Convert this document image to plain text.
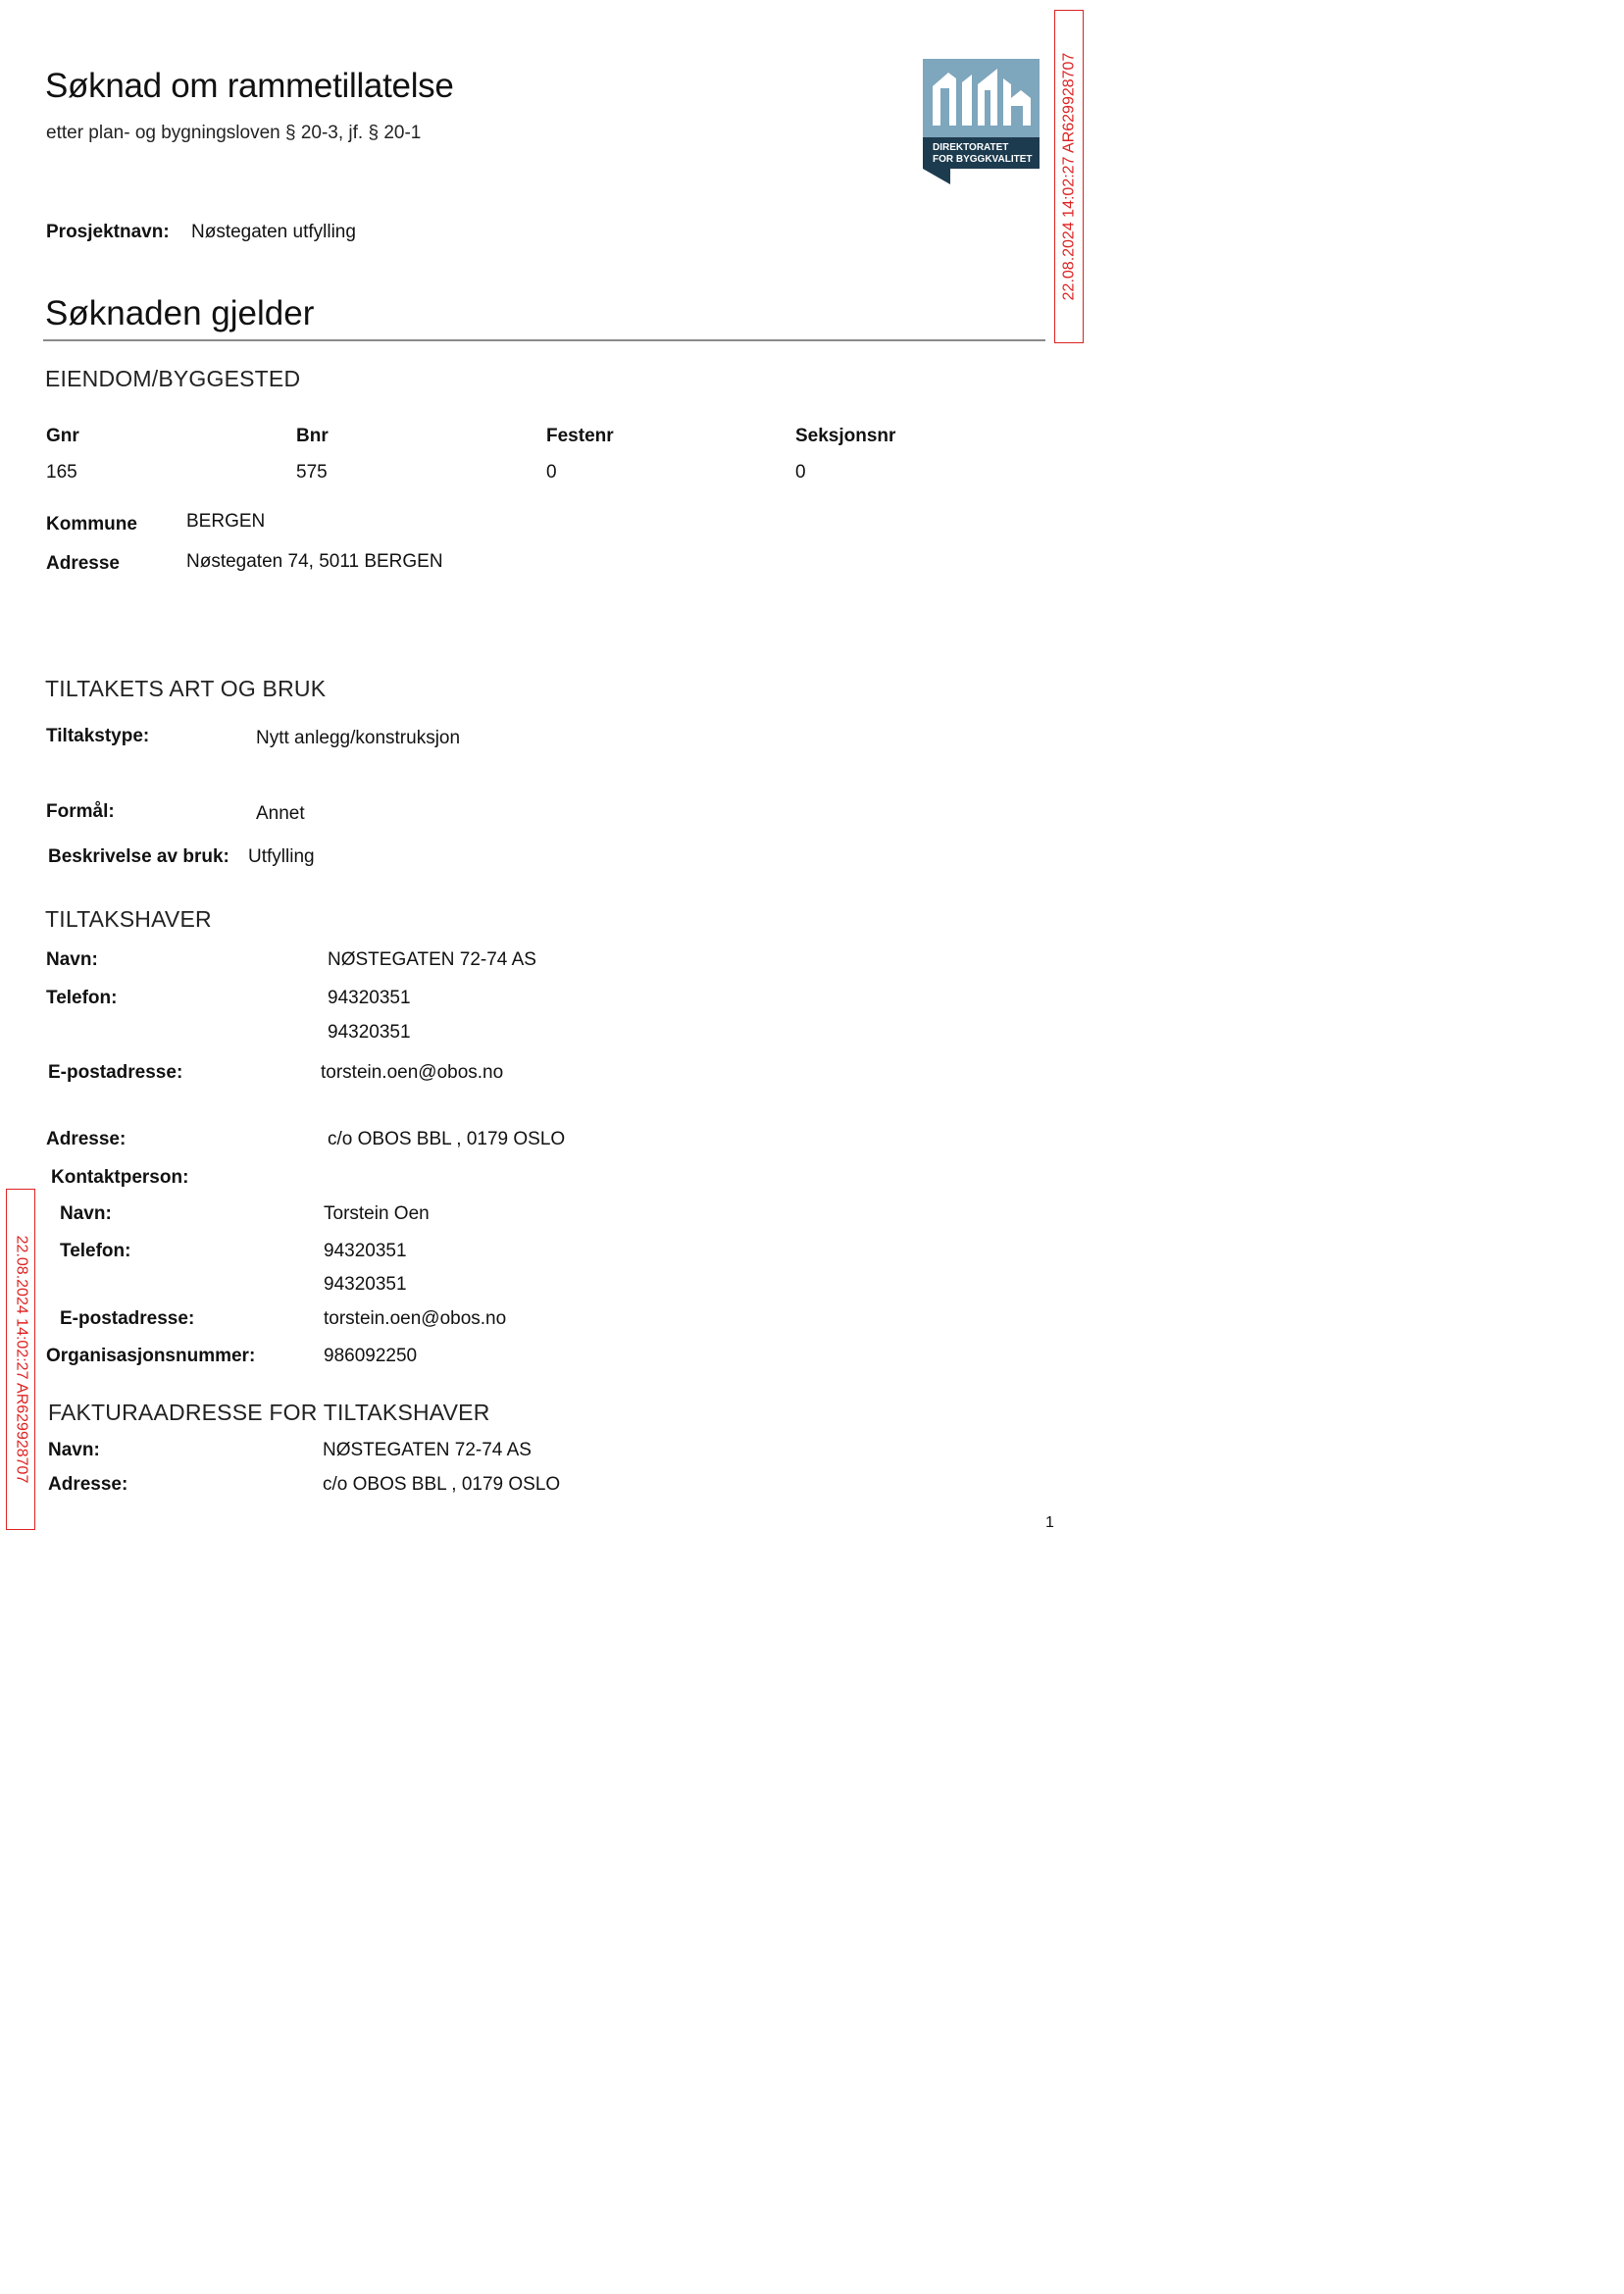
Søknad om rammetillatelse
etter plan- og bygningsloven § 20-3, jf. § 20-1
DIREKTORATET
FOR BYGGKVALITET 22.08.2024 14:02:27 AR629928707
22.08.2024 14:02:27 AR629928707
Prosjektnavn: Nøstegaten utfylling
Søknaden gjelder
EIENDOM/BYGGESTED
Gnr	Bnr	Festenr	Seksjonsnr
165	575	0	0
Kommune	BERGEN
Adresse	Nøstegaten 74, 5011 BERGEN
TILTAKETS ART OG BRUK
Tiltakstype:	Nytt anlegg/konstruksjon
Formål:	Annet
Beskrivelse av bruk: Utfylling
TILTAKSHAVER
Navn:	NØSTEGATEN 72-74 AS
Telefon:	94320351
94320351
E-postadresse:	torstein.oen@obos.no
Adresse:	c/o OBOS BBL , 0179 OSLO
Kontaktperson:
Navn:	Torstein Oen
Telefon:	94320351
94320351
E-postadresse:	torstein.oen@obos.no
Organisasjonsnummer:	986092250
FAKTURAADRESSE FOR TILTAKSHAVER
Navn:	NØSTEGATEN 72-74 AS
Adresse:	c/o OBOS BBL , 0179 OSLO
1
